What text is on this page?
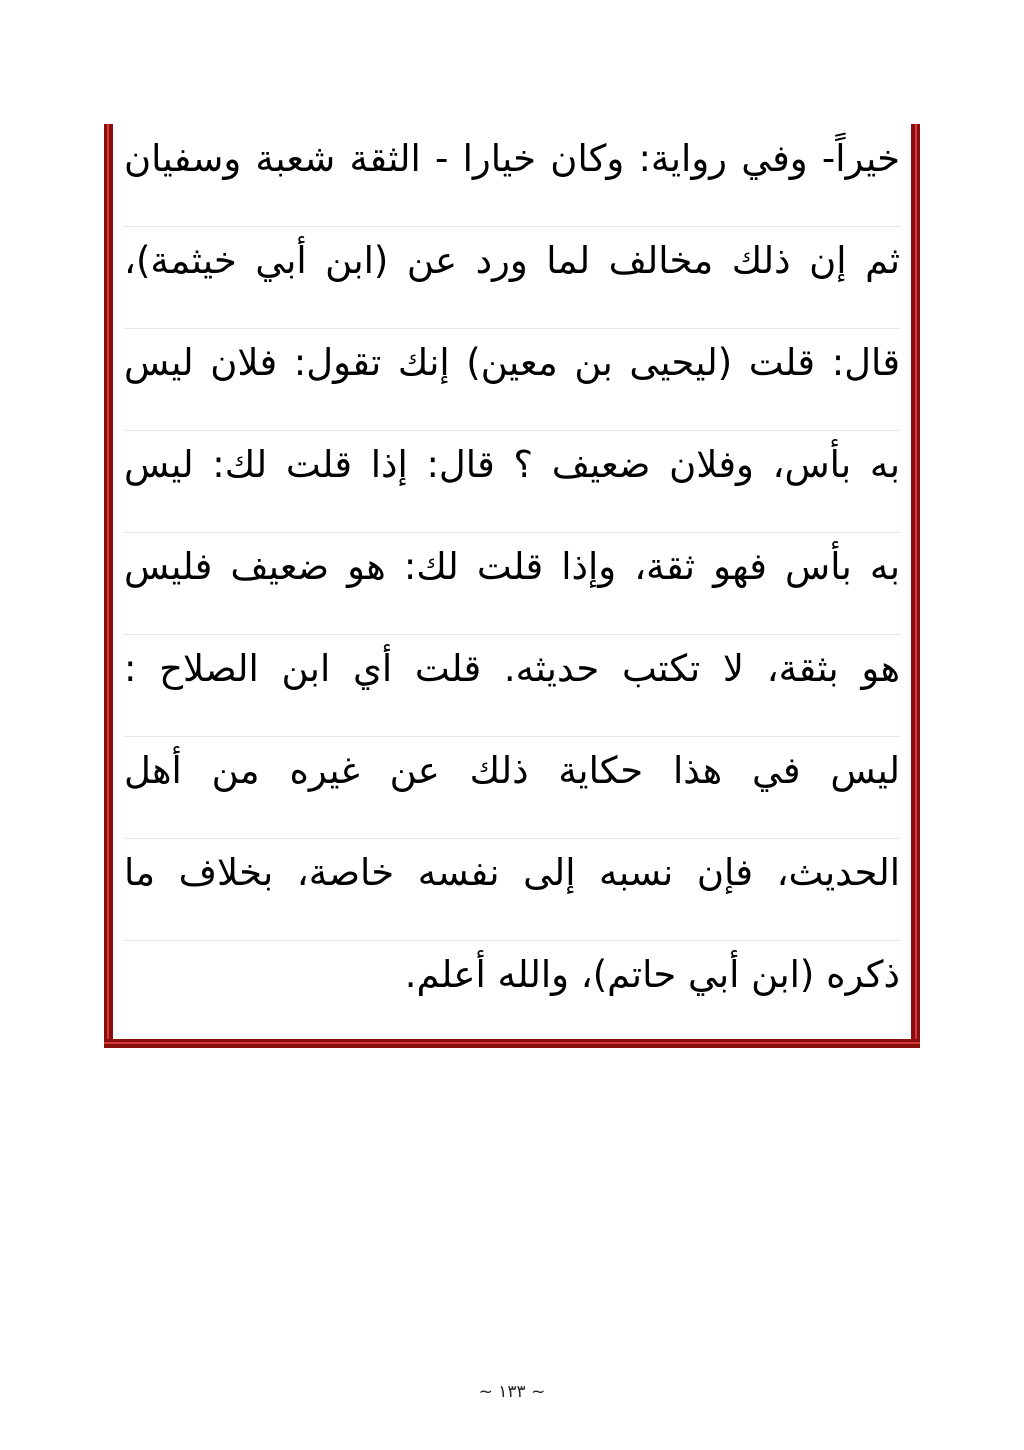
خيراً- وفي رواية: وكان خيارا - الثقة شعبة وسفيان
ثم إن ذلك مخالف لما ورد عن (ابن أبي خيثمة)،
قال: قلت (ليحيى بن معين) إنك تقول: فلان ليس
به بأس، وفلان ضعيف ؟ قال: إذا قلت لك: ليس
به بأس فهو ثقة، وإذا قلت لك: هو ضعيف فليس
هو بثقة، لا تكتب حديثه. قلت أي ابن الصلاح :
ليس في هذا حكاية ذلك عن غيره من أهل
الحديث، فإن نسبه إلى نفسه خاصة، بخلاف ما
ذكره (ابن أبي حاتم)، والله أعلم.
~ ١٣٣ ~
